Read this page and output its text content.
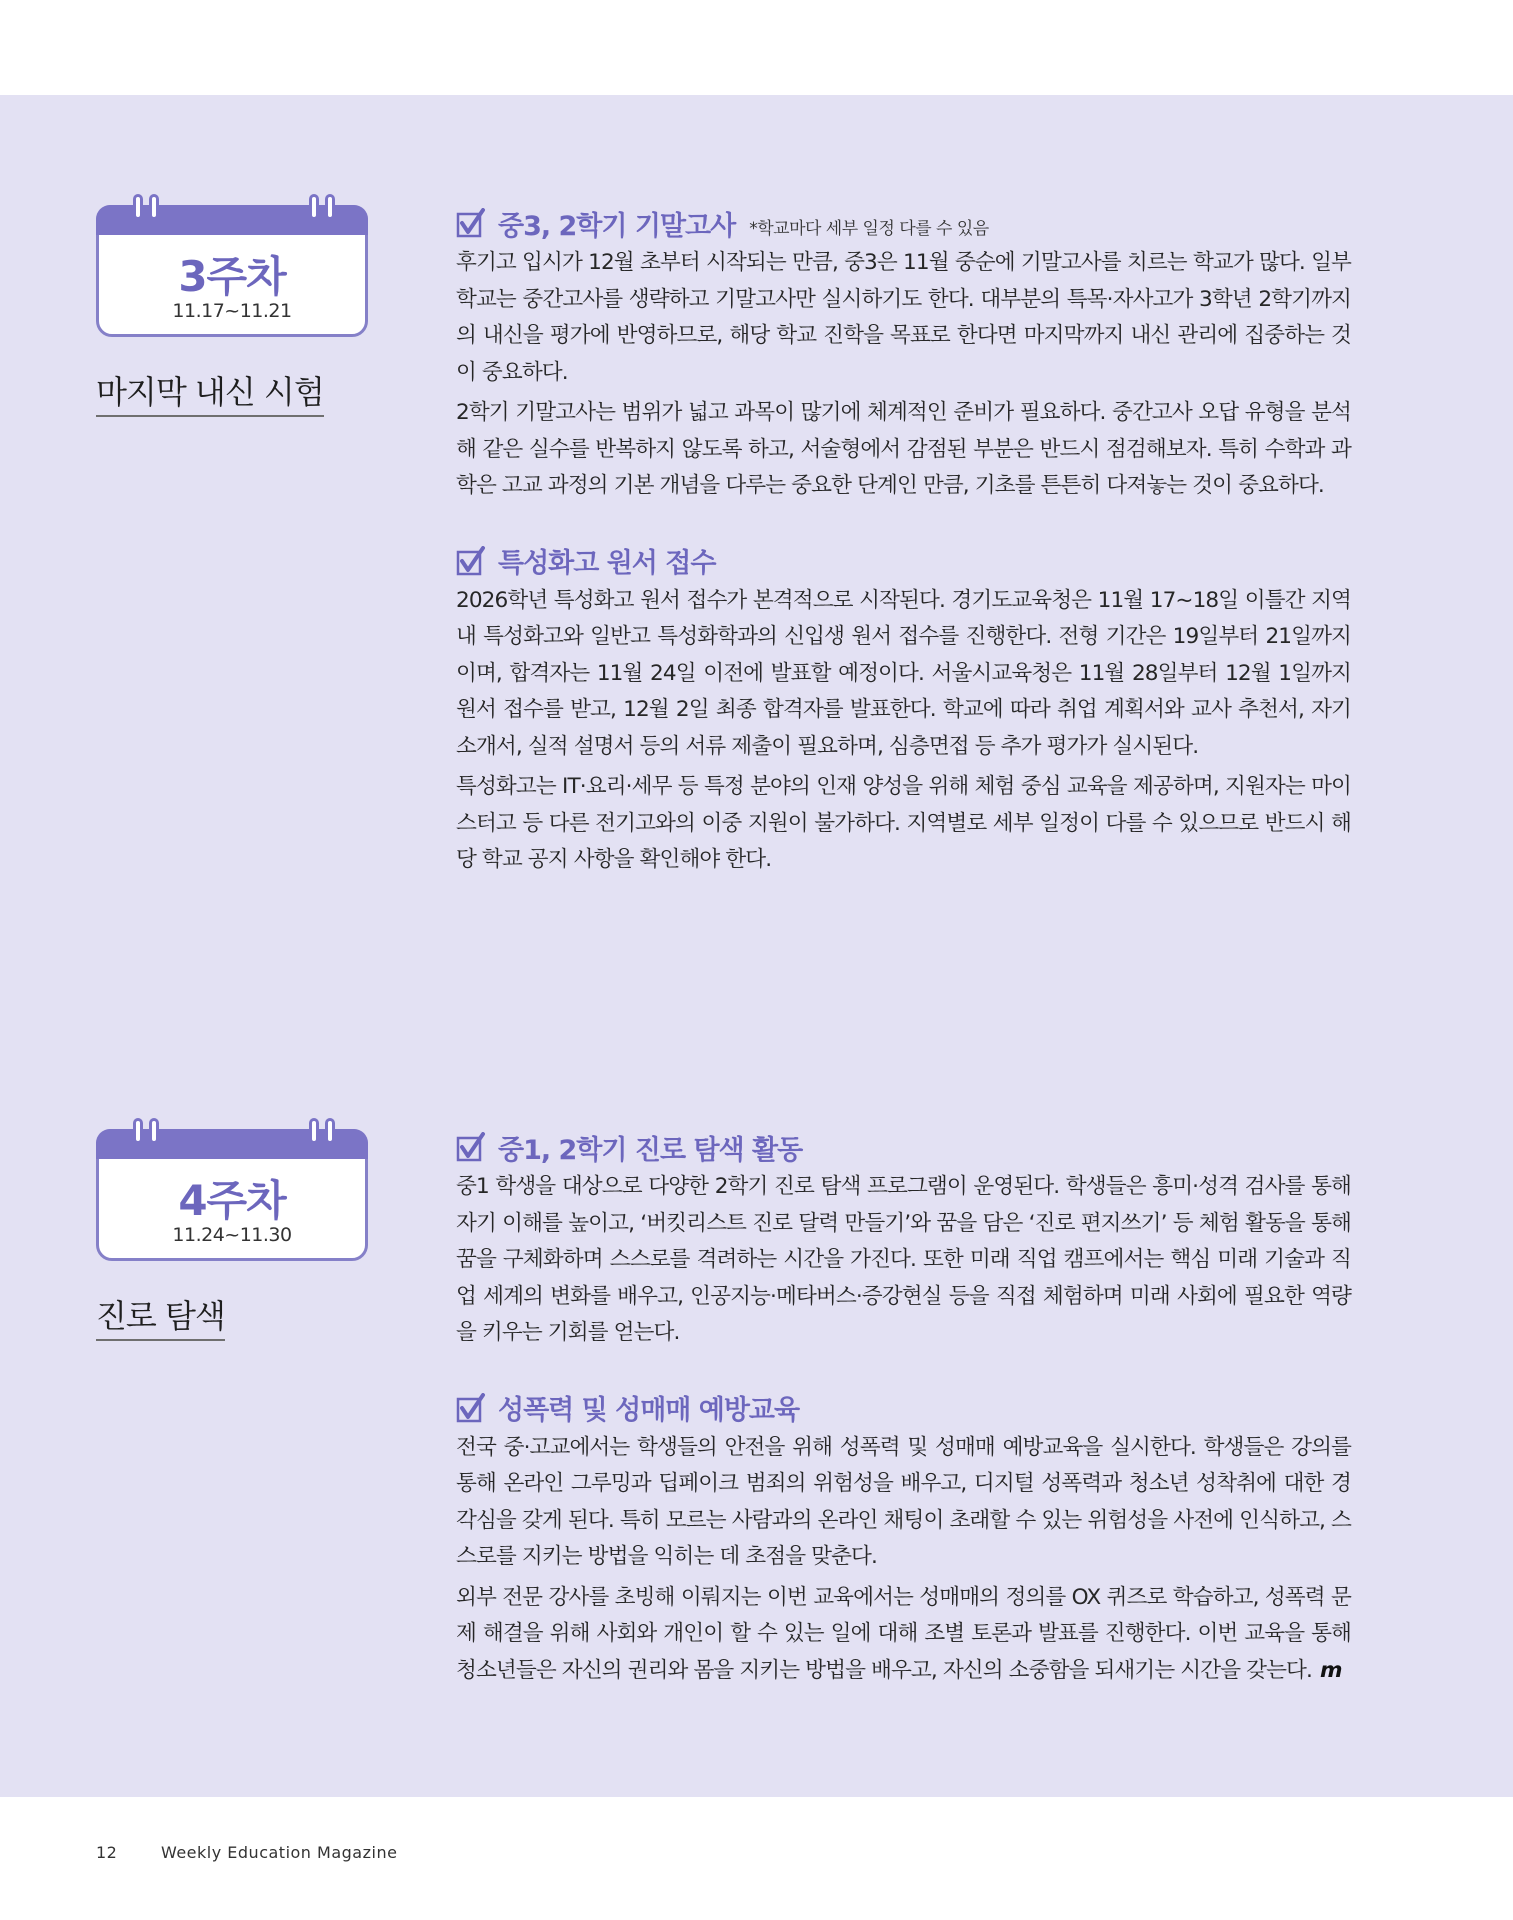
3주차
11.17~11.21
마지막 내신 시험
중3, 2학기 기말고사 *학교마다 세부 일정 다를 수 있음

후기고 입시가 12월 초부터 시작되는 만큼, 중3은 11월 중순에 기말고사를 치르는 학교가 많다. 일부 학교는 중간고사를 생략하고 기말고사만 실시하기도 한다. 대부분의 특목·자사고가 3학년 2학기까지의 내신을 평가에 반영하므로, 해당 학교 진학을 목표로 한다면 마지막까지 내신 관리에 집중하는 것이 중요하다.

2학기 기말고사는 범위가 넓고 과목이 많기에 체계적인 준비가 필요하다. 중간고사 오답 유형을 분석해 같은 실수를 반복하지 않도록 하고, 서술형에서 감점된 부분은 반드시 점검해보자. 특히 수학과 과학은 고교 과정의 기본 개념을 다루는 중요한 단계인 만큼, 기초를 튼튼히 다져놓는 것이 중요하다.

특성화고 원서 접수

2026학년 특성화고 원서 접수가 본격적으로 시작된다. 경기도교육청은 11월 17~18일 이틀간 지역 내 특성화고와 일반고 특성화학과의 신입생 원서 접수를 진행한다. 전형 기간은 19일부터 21일까지이며, 합격자는 11월 24일 이전에 발표할 예정이다. 서울시교육청은 11월 28일부터 12월 1일까지 원서 접수를 받고, 12월 2일 최종 합격자를 발표한다. 학교에 따라 취업 계획서와 교사 추천서, 자기소개서, 실적 설명서 등의 서류 제출이 필요하며, 심층면접 등 추가 평가가 실시된다.

특성화고는 IT·요리·세무 등 특정 분야의 인재 양성을 위해 체험 중심 교육을 제공하며, 지원자는 마이스터고 등 다른 전기고와의 이중 지원이 불가하다. 지역별로 세부 일정이 다를 수 있으므로 반드시 해당 학교 공지 사항을 확인해야 한다.

4주차
11.24~11.30
진로 탐색
중1, 2학기 진로 탐색 활동

중1 학생을 대상으로 다양한 2학기 진로 탐색 프로그램이 운영된다. 학생들은 흥미·성격 검사를 통해 자기 이해를 높이고, ‘버킷리스트 진로 달력 만들기’와 꿈을 담은 ‘진로 편지쓰기’ 등 체험 활동을 통해 꿈을 구체화하며 스스로를 격려하는 시간을 가진다. 또한 미래 직업 캠프에서는 핵심 미래 기술과 직업 세계의 변화를 배우고, 인공지능·메타버스·증강현실 등을 직접 체험하며 미래 사회에 필요한 역량을 키우는 기회를 얻는다.

성폭력 및 성매매 예방교육

전국 중·고교에서는 학생들의 안전을 위해 성폭력 및 성매매 예방교육을 실시한다. 학생들은 강의를 통해 온라인 그루밍과 딥페이크 범죄의 위험성을 배우고, 디지털 성폭력과 청소년 성착취에 대한 경각심을 갖게 된다. 특히 모르는 사람과의 온라인 채팅이 초래할 수 있는 위험성을 사전에 인식하고, 스스로를 지키는 방법을 익히는 데 초점을 맞춘다.

외부 전문 강사를 초빙해 이뤄지는 이번 교육에서는 성매매의 정의를 OX 퀴즈로 학습하고, 성폭력 문제 해결을 위해 사회와 개인이 할 수 있는 일에 대해 조별 토론과 발표를 진행한다. 이번 교육을 통해 청소년들은 자신의 권리와 몸을 지키는 방법을 배우고, 자신의 소중함을 되새기는 시간을 갖는다. m

12	Weekly Education Magazine
